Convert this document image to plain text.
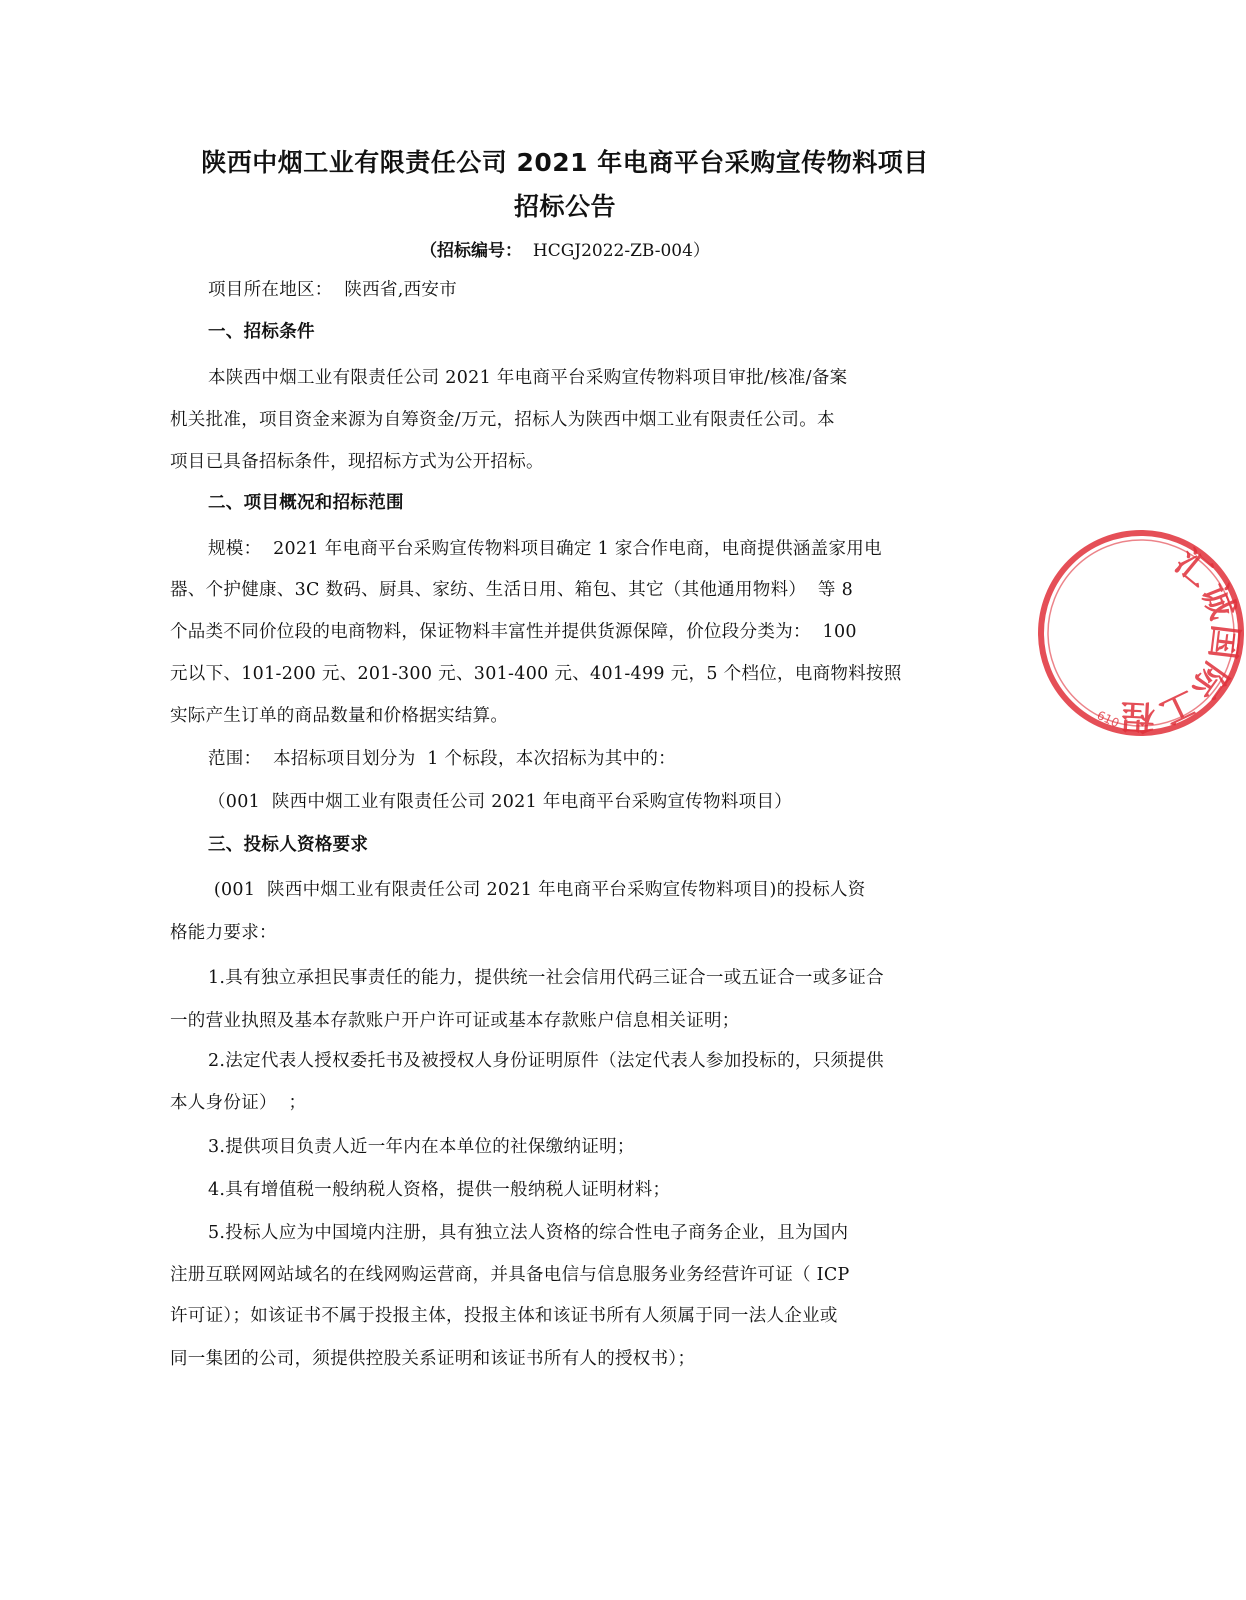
陕西中烟工业有限责任公司 2021 年电商平台采购宣传物料项目
招标公告
（招标编号： HCGJ2022-ZB-004）
项目所在地区： 陕西省,西安市
一、招标条件
本陕西中烟工业有限责任公司 2021 年电商平台采购宣传物料项目审批/核准/备案
机关批准，项目资金来源为自筹资金/万元，招标人为陕西中烟工业有限责任公司。本
项目已具备招标条件，现招标方式为公开招标。
二、项目概况和招标范围
规模：  2021 年电商平台采购宣传物料项目确定 1 家合作电商，电商提供涵盖家用电
器、个护健康、3C 数码、厨具、家纺、生活日用、箱包、其它（其他通用物料）  等 8
个品类不同价位段的电商物料，保证物料丰富性并提供货源保障，价位段分类为：  100
元以下、101-200 元、201-300 元、301-400 元、401-499 元，5 个档位，电商物料按照
实际产生订单的商品数量和价格据实结算。
范围：  本招标项目划分为  1 个标段，本次招标为其中的：
（001  陕西中烟工业有限责任公司 2021 年电商平台采购宣传物料项目）
三、投标人资格要求
(001  陕西中烟工业有限责任公司 2021 年电商平台采购宣传物料项目)的投标人资
格能力要求：
1.具有独立承担民事责任的能力，提供统一社会信用代码三证合一或五证合一或多证合
一的营业执照及基本存款账户开户许可证或基本存款账户信息相关证明；
2.法定代表人授权委托书及被授权人身份证明原件（法定代表人参加投标的，只须提供
本人身份证）  ；
3.提供项目负责人近一年内在本单位的社保缴纳证明；
4.具有增值税一般纳税人资格，提供一般纳税人证明材料；
5.投标人应为中国境内注册，具有独立法人资格的综合性电子商务企业，且为国内
注册互联网网站域名的在线网购运营商，并具备电信与信息服务业务经营许可证（ ICP
许可证）；如该证书不属于投报主体，投报主体和该证书所有人须属于同一法人企业或
同一集团的公司，须提供控股关系证明和该证书所有人的授权书）；
汇诚国际工程
610
